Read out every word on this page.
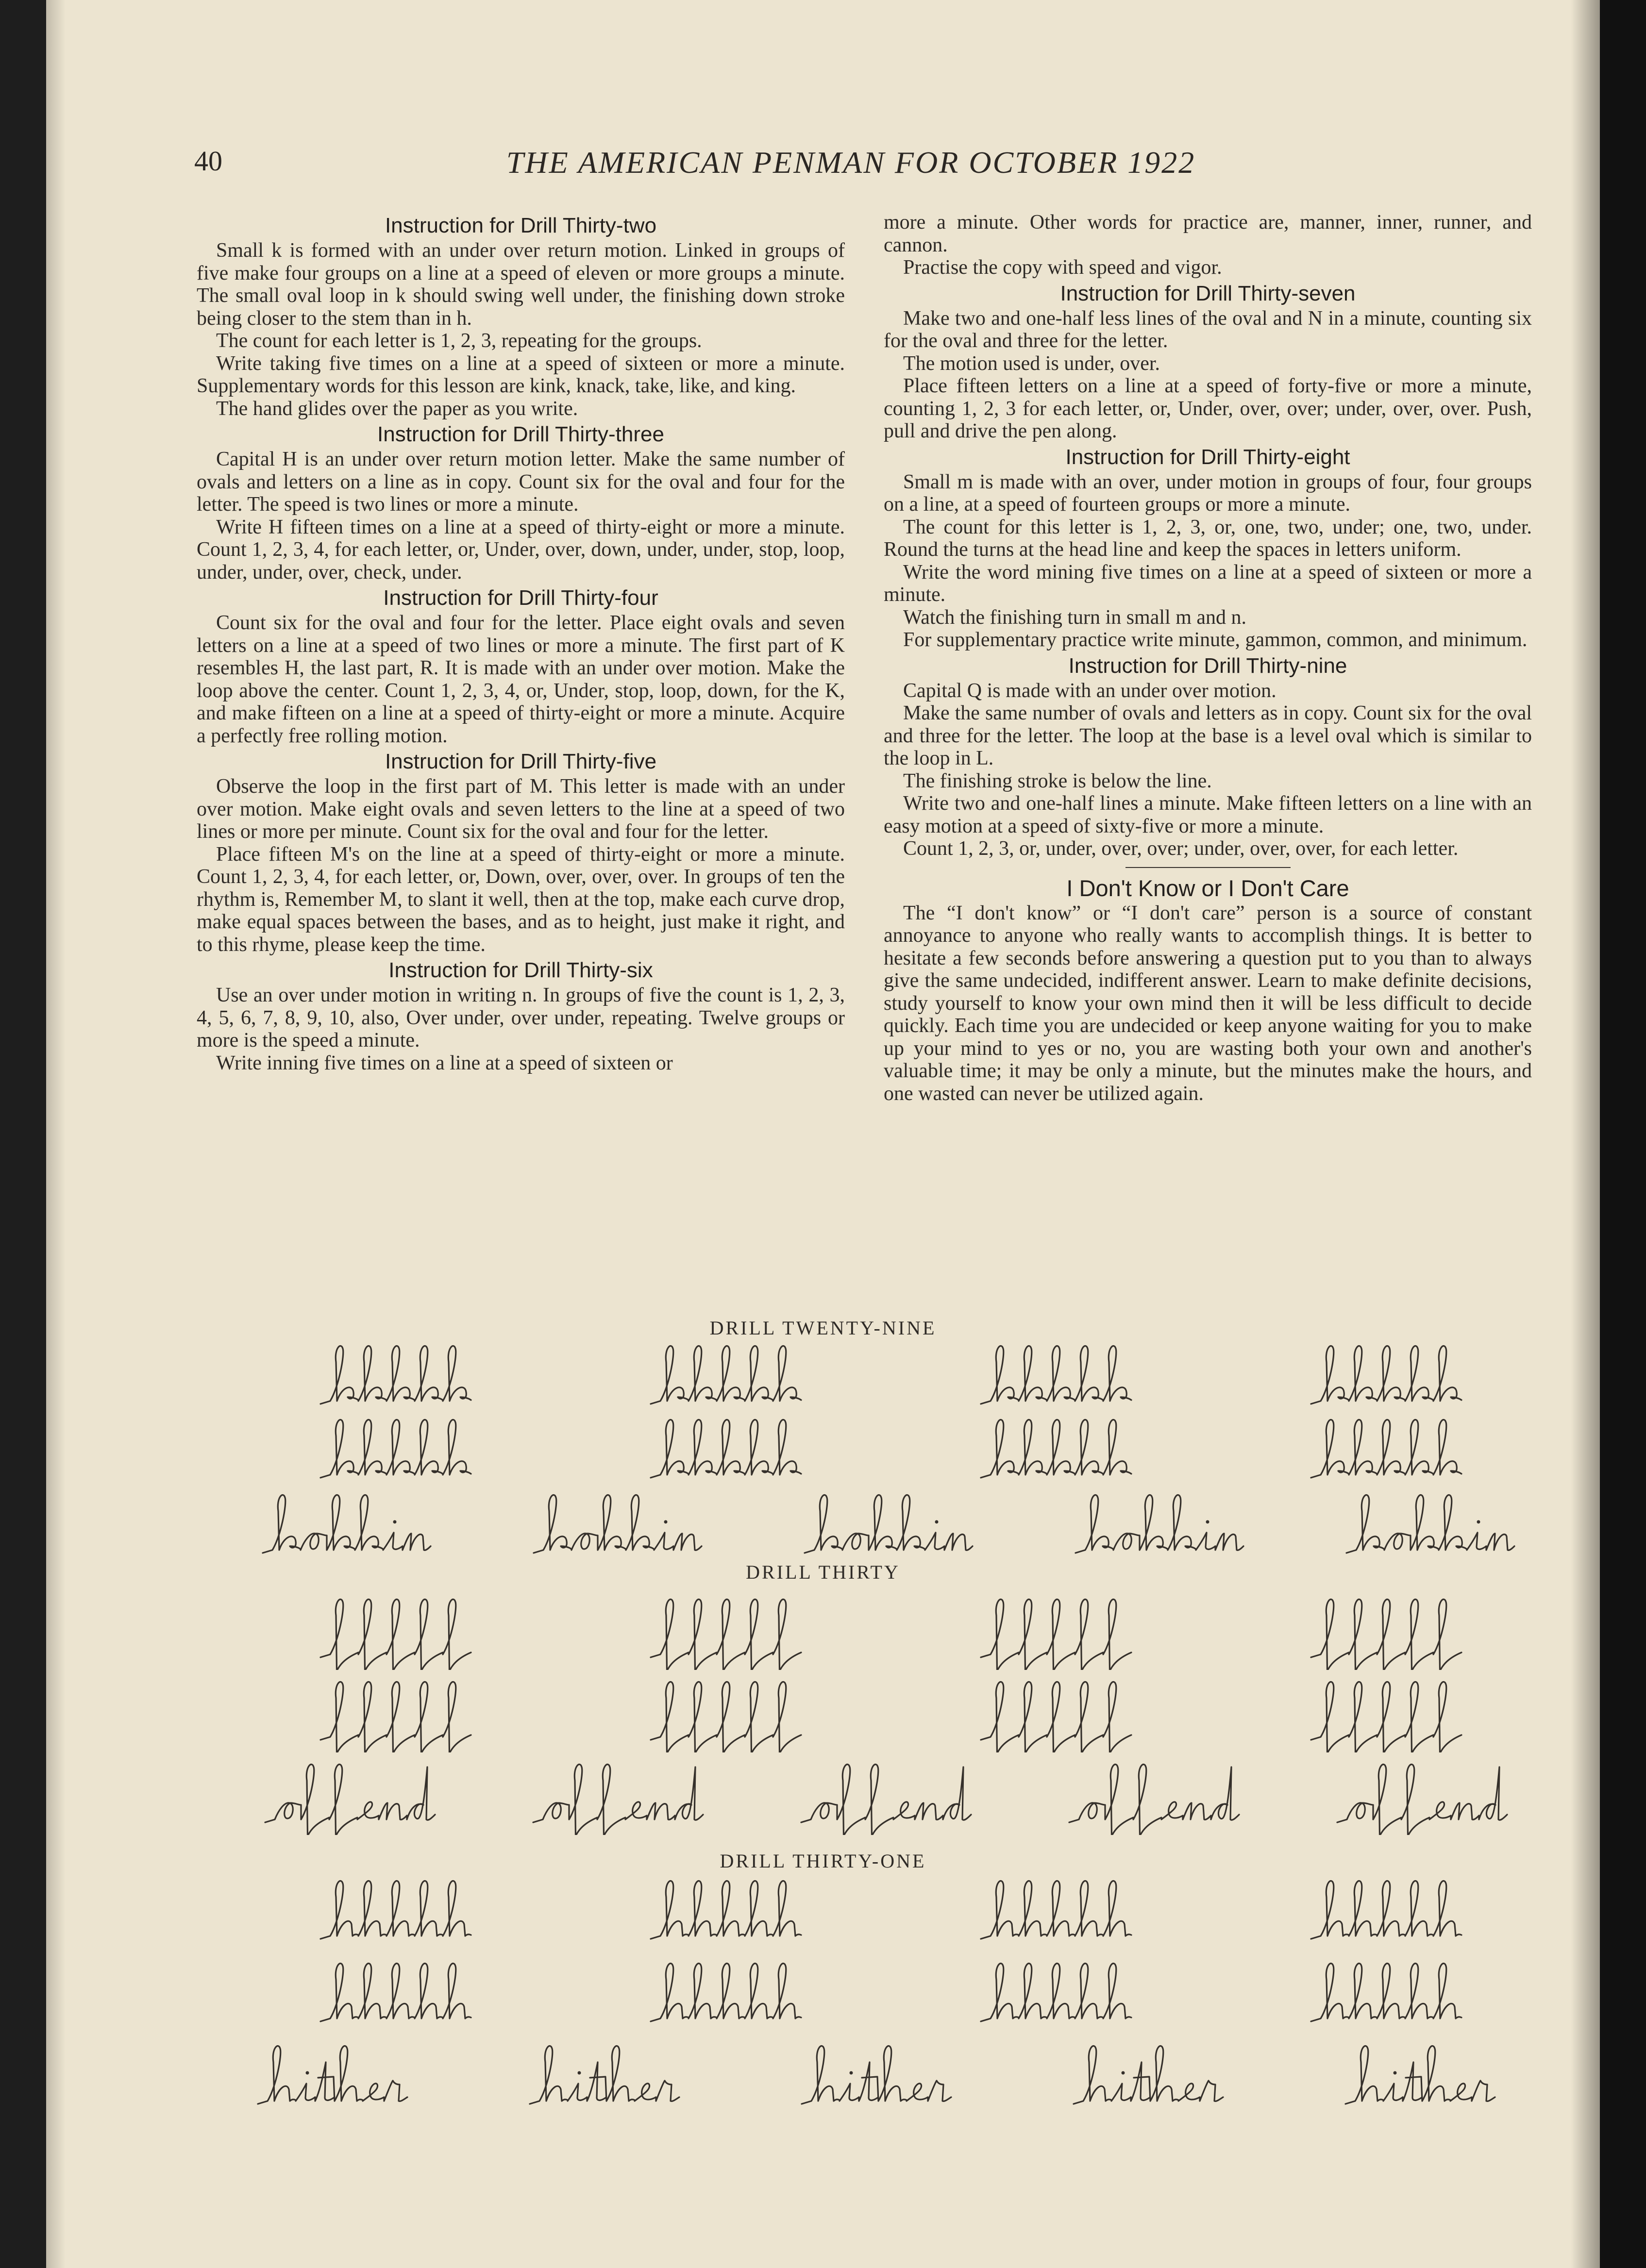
40	THE AMERICAN PENMAN FOR OCTOBER 1922
Instruction for Drill Thirty-two

Small k is formed with an under over return motion. Linked in groups of five make four groups on a line at a speed of eleven or more groups a minute. The small oval loop in k should swing well under, the finishing down stroke being closer to the stem than in h.

The count for each letter is 1, 2, 3, repeating for the groups.

Write taking five times on a line at a speed of sixteen or more a minute. Supplementary words for this lesson are kink, knack, take, like, and king.

The hand glides over the paper as you write.

Instruction for Drill Thirty-three

Capital H is an under over return motion letter. Make the same number of ovals and letters on a line as in copy. Count six for the oval and four for the letter. The speed is two lines or more a minute.

Write H fifteen times on a line at a speed of thirty-eight or more a minute. Count 1, 2, 3, 4, for each letter, or, Under, over, down, under, under, stop, loop, under, under, over, check, under.

Instruction for Drill Thirty-four

Count six for the oval and four for the letter. Place eight ovals and seven letters on a line at a speed of two lines or more a minute. The first part of K resembles H, the last part, R. It is made with an under over motion. Make the loop above the center. Count 1, 2, 3, 4, or, Under, stop, loop, down, for the K, and make fifteen on a line at a speed of thirty-eight or more a minute. Acquire a perfectly free rolling motion.

Instruction for Drill Thirty-five

Observe the loop in the first part of M. This letter is made with an under over motion. Make eight ovals and seven letters to the line at a speed of two lines or more per minute. Count six for the oval and four for the letter.

Place fifteen M's on the line at a speed of thirty-eight or more a minute. Count 1, 2, 3, 4, for each letter, or, Down, over, over, over. In groups of ten the rhythm is, Remember M, to slant it well, then at the top, make each curve drop, make equal spaces between the bases, and as to height, just make it right, and to this rhyme, please keep the time.

Instruction for Drill Thirty-six

Use an over under motion in writing n. In groups of five the count is 1, 2, 3, 4, 5, 6, 7, 8, 9, 10, also, Over under, over under, repeating. Twelve groups or more is the speed a minute.

Write inning five times on a line at a speed of sixteen or

more a minute. Other words for practice are, manner, inner, runner, and cannon.

Practise the copy with speed and vigor.

Instruction for Drill Thirty-seven

Make two and one-half less lines of the oval and N in a minute, counting six for the oval and three for the letter.

The motion used is under, over.

Place fifteen letters on a line at a speed of forty-five or more a minute, counting 1, 2, 3 for each letter, or, Under, over, over; under, over, over. Push, pull and drive the pen along.

Instruction for Drill Thirty-eight

Small m is made with an over, under motion in groups of four, four groups on a line, at a speed of fourteen groups or more a minute.

The count for this letter is 1, 2, 3, or, one, two, under; one, two, under. Round the turns at the head line and keep the spaces in letters uniform.

Write the word mining five times on a line at a speed of sixteen or more a minute.

Watch the finishing turn in small m and n.

For supplementary practice write minute, gammon, common, and minimum.

Instruction for Drill Thirty-nine

Capital Q is made with an under over motion.

Make the same number of ovals and letters as in copy. Count six for the oval and three for the letter. The loop at the base is a level oval which is similar to the loop in L.

The finishing stroke is below the line.

Write two and one-half lines a minute. Make fifteen letters on a line with an easy motion at a speed of sixty-five or more a minute.

Count 1, 2, 3, or, under, over, over; under, over, over, for each letter.

I Don't Know or I Don't Care

The “I don't know” or “I don't care” person is a source of constant annoyance to anyone who really wants to accomplish things. It is better to hesitate a few seconds before answering a question put to you than to always give the same undecided, indifferent answer. Learn to make definite decisions, study yourself to know your own mind then it will be less difficult to decide quickly. Each time you are undecided or keep anyone waiting for you to make up your mind to yes or no, you are wasting both your own and another's valuable time; it may be only a minute, but the minutes make the hours, and one wasted can never be utilized again.

DRILL TWENTY-NINE
DRILL THIRTY
DRILL THIRTY-ONE
